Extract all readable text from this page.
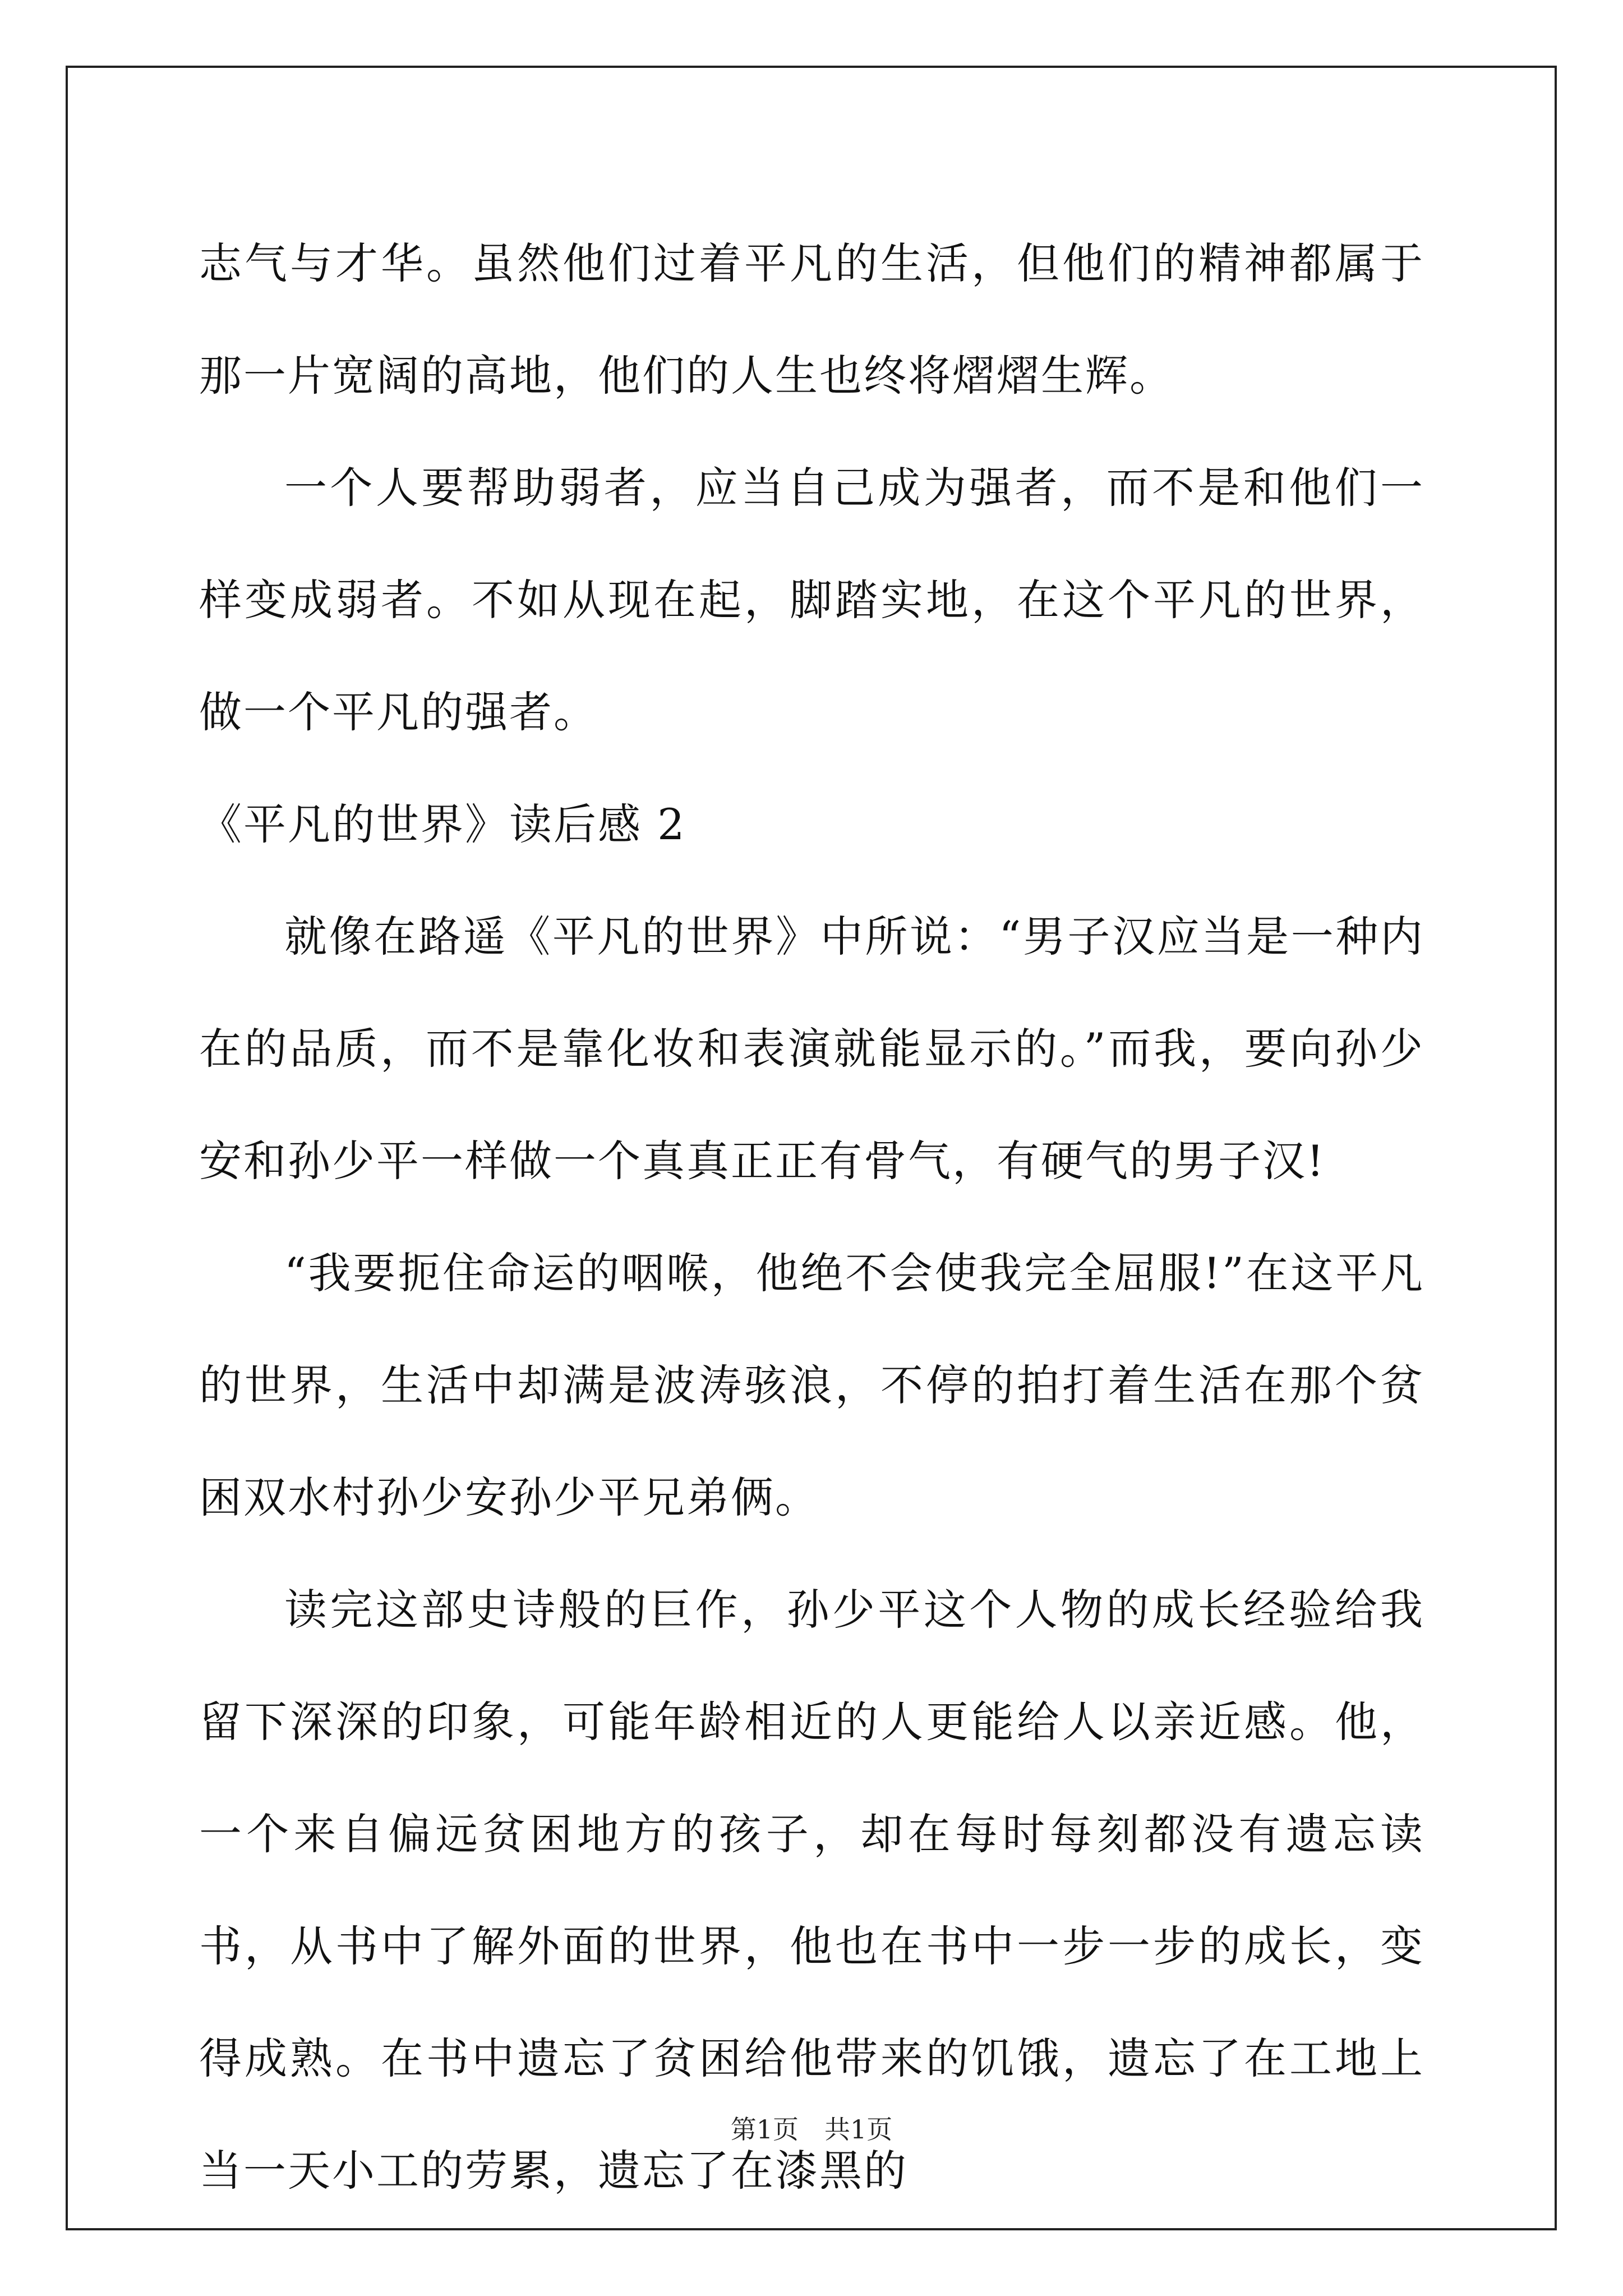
志气与才华。虽然他们过着平凡的生活，但他们的精神都属于那一片宽阔的高地，他们的人生也终将熠熠生辉。

一个人要帮助弱者，应当自己成为强者，而不是和他们一样变成弱者。不如从现在起，脚踏实地，在这个平凡的世界，做一个平凡的强者。

《平凡的世界》读后感 2

就像在路遥《平凡的世界》中所说：“男子汉应当是一种内在的品质，而不是靠化妆和表演就能显示的。”而我，要向孙少安和孙少平一样做一个真真正正有骨气，有硬气的男子汉!

“我要扼住命运的咽喉，他绝不会使我完全屈服!”在这平凡的世界，生活中却满是波涛骇浪，不停的拍打着生活在那个贫困双水村孙少安孙少平兄弟俩。

读完这部史诗般的巨作，孙少平这个人物的成长经验给我留下深深的印象，可能年龄相近的人更能给人以亲近感。他，一个来自偏远贫困地方的孩子，却在每时每刻都没有遗忘读书，从书中了解外面的世界，他也在书中一步一步的成长，变得成熟。在书中遗忘了贫困给他带来的饥饿，遗忘了在工地上当一天小工的劳累，遗忘了在漆黑的

第1页　共1页
